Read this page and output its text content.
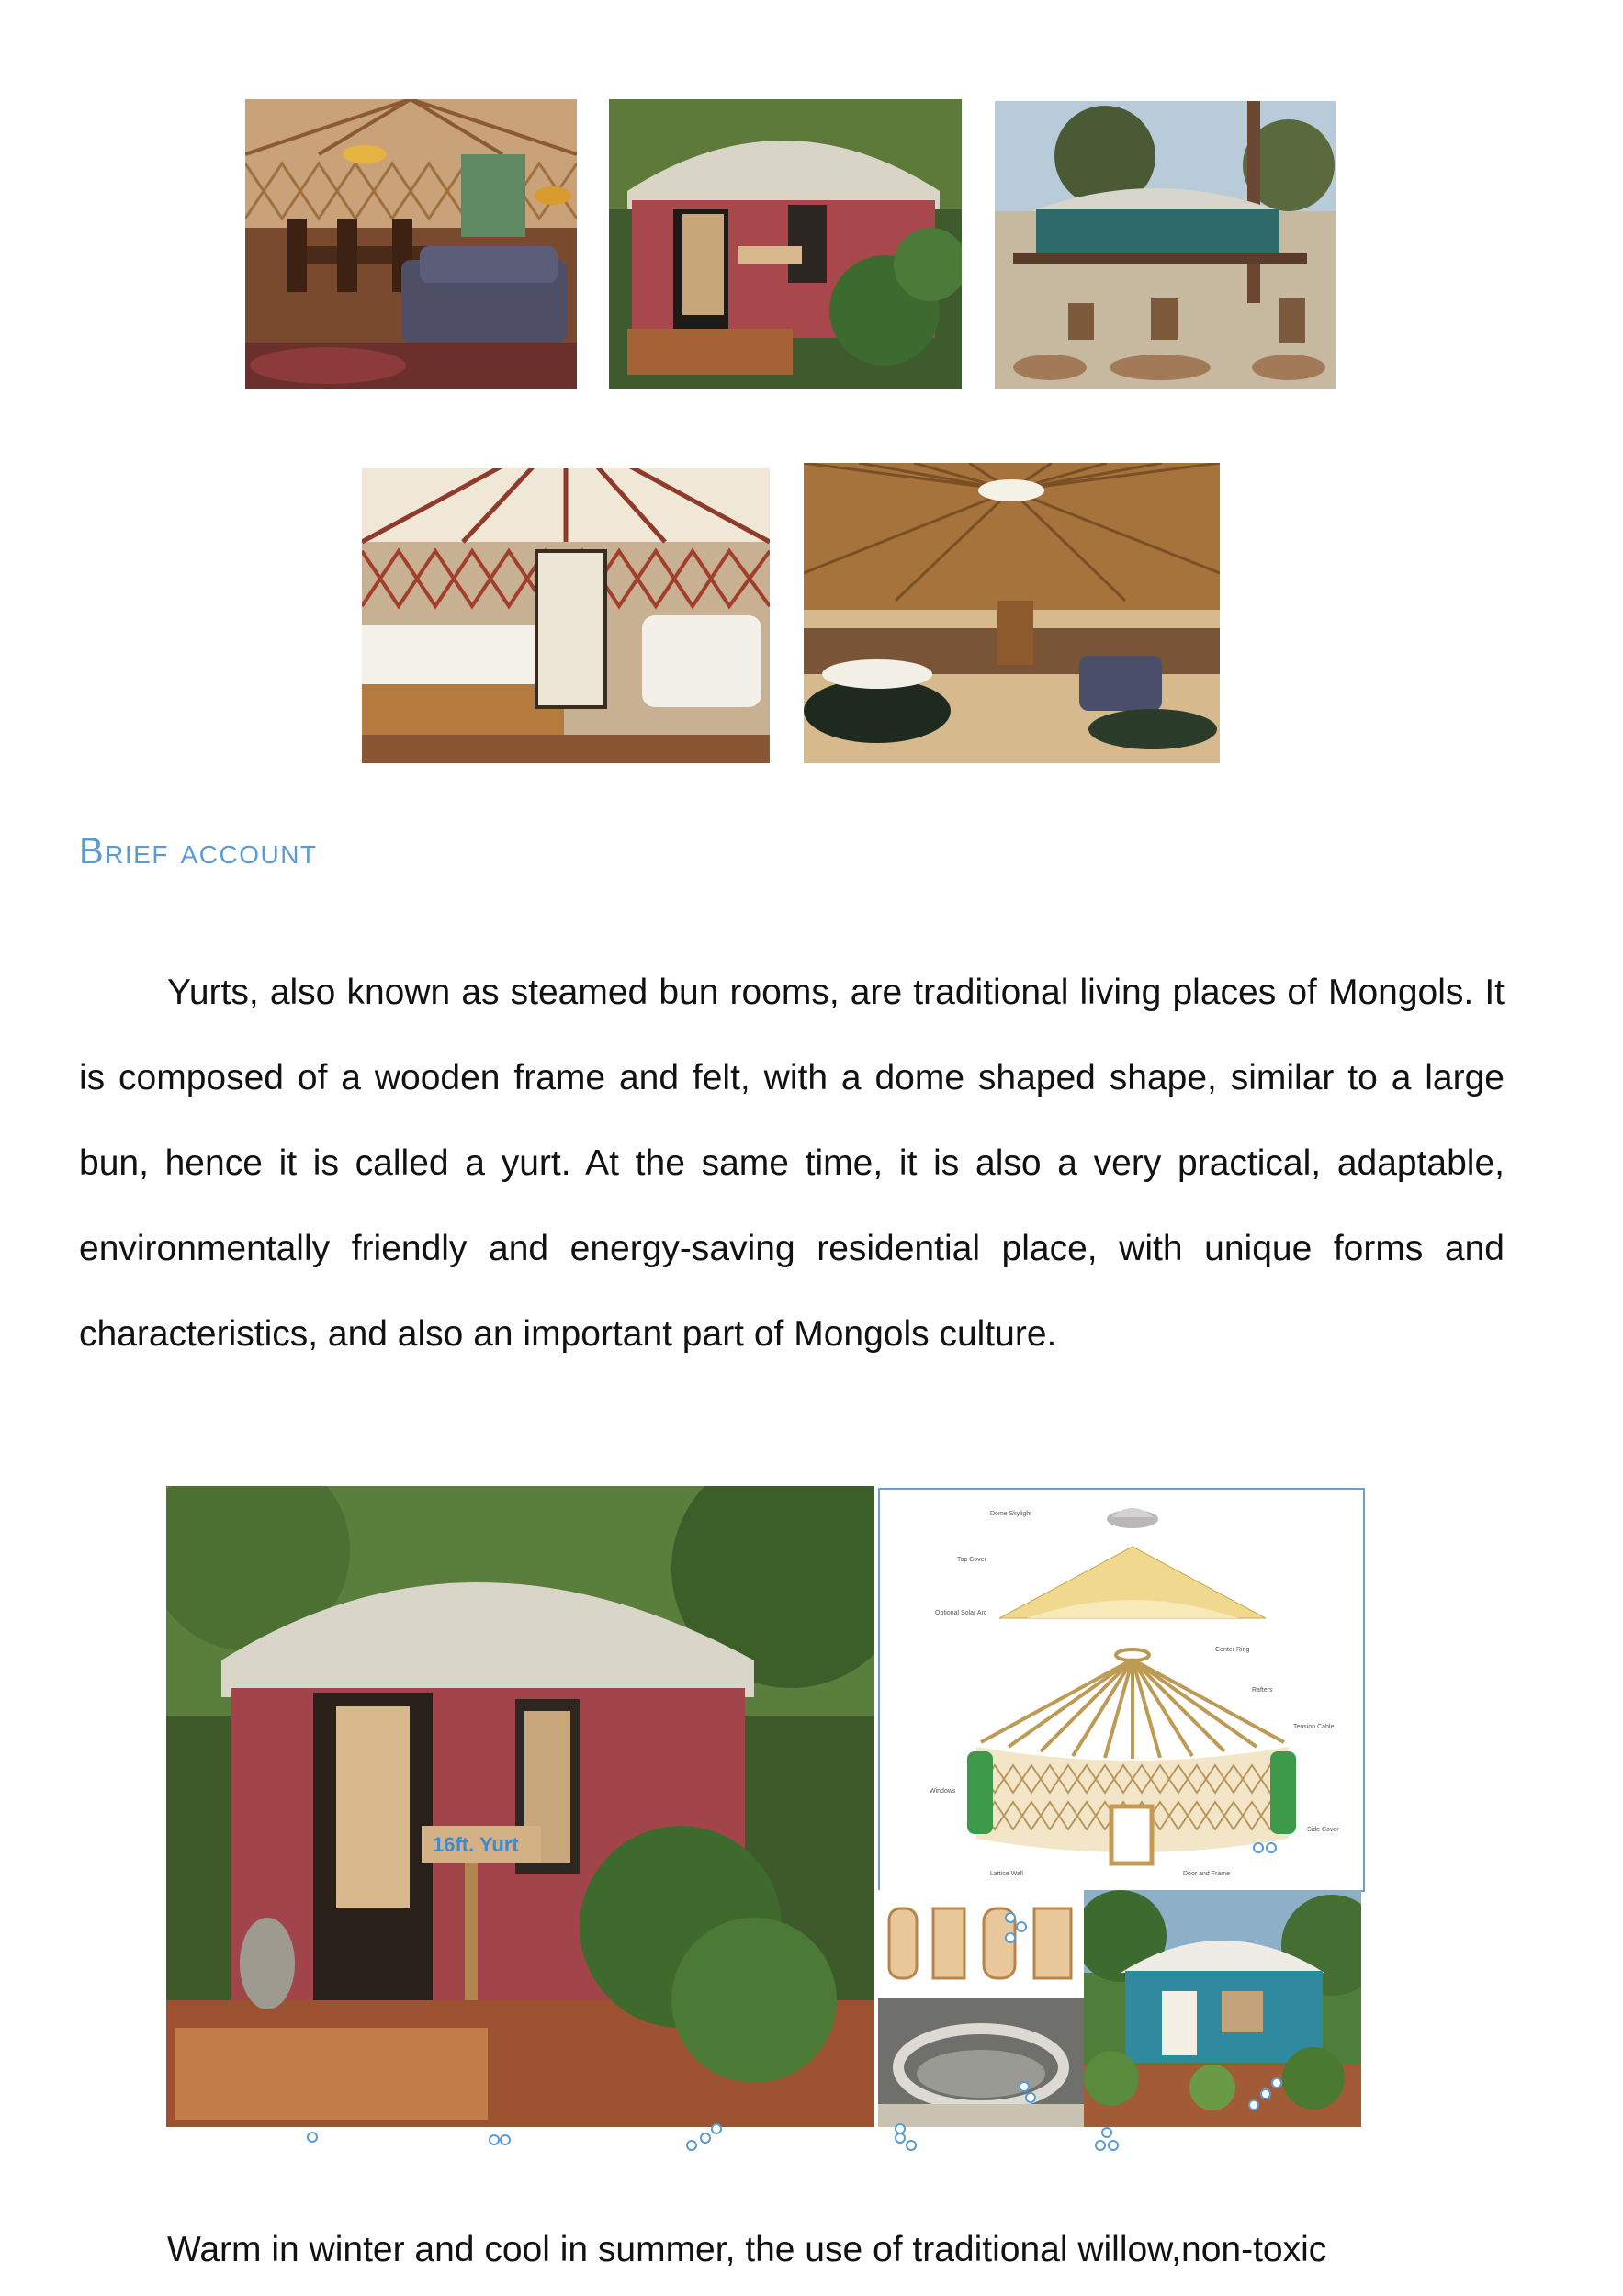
Brief account

Yurts, also known as steamed bun rooms, are traditional living places of Mongols. It is composed of a wooden frame and felt, with a dome shaped shape, similar to a large bun, hence it is called a yurt. At the same time, it is also a very practical, adaptable, environmentally friendly and energy-saving residential place, with unique forms and characteristics, and also an important part of Mongols culture.

16ft. Yurt
Dome Skylight
Top Cover
Optional Solar Arc
Center Ring
Rafters
Tension Cable
Windows
Side Cover
Lattice Wall	Door and Frame

Warm in winter and cool in summer, the use of traditional willow,non-toxic
